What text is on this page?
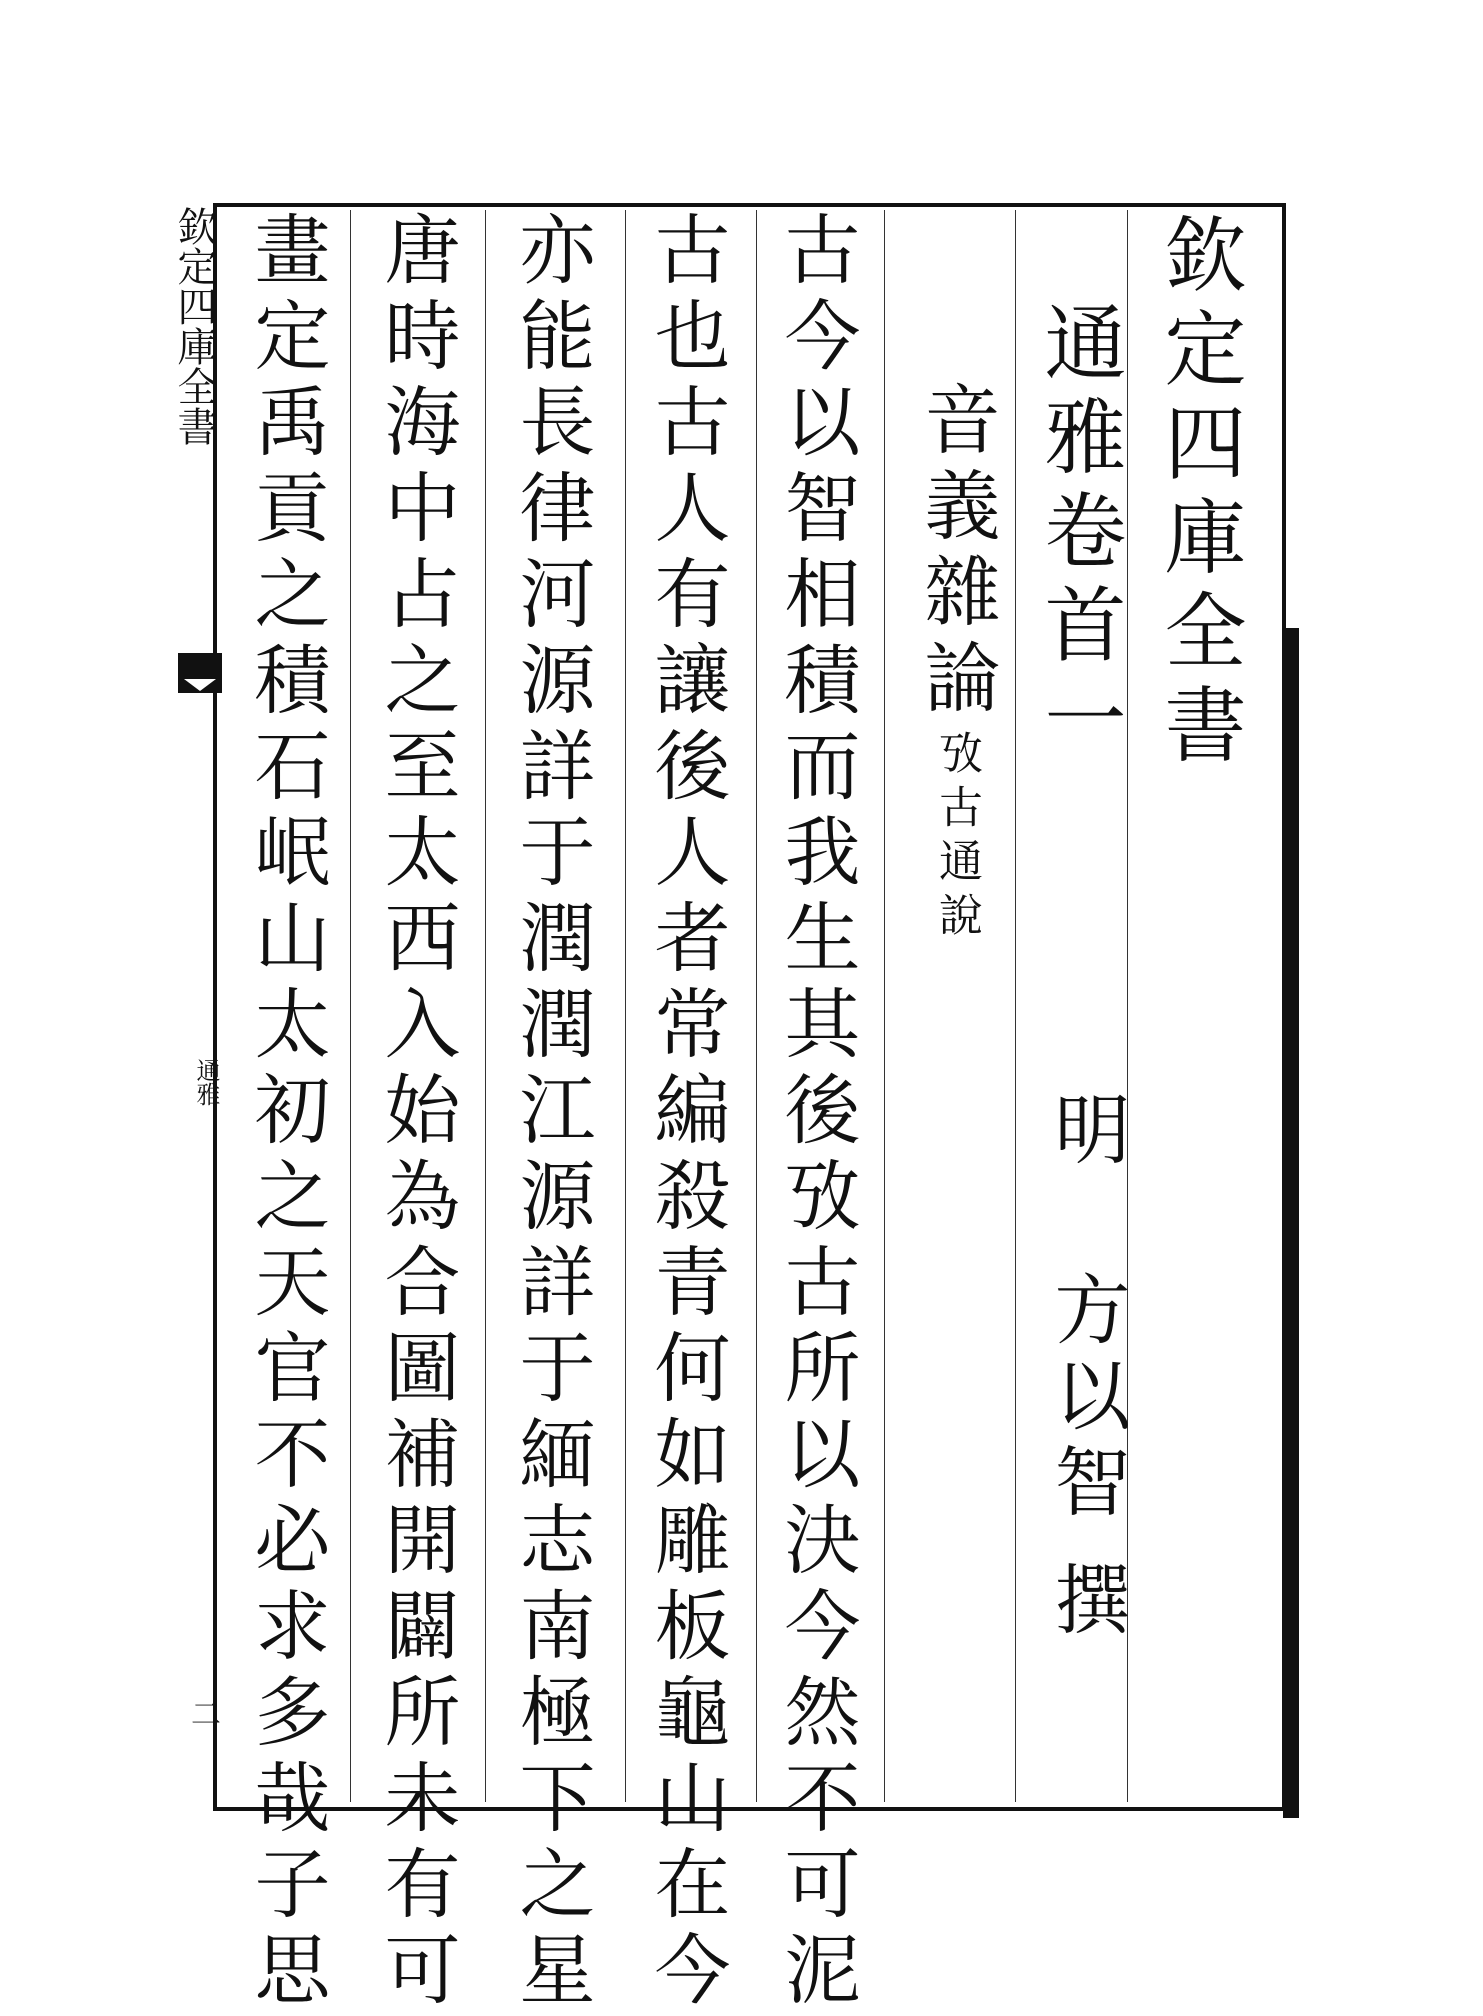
欽定四庫全書
通雅
二
欽定四庫全書
通雅卷首一
明
方以智
撰
音義雜論
攷古通說
古今以智相積而我生其後攷古所以決今然不可泥
古也古人有讓後人者常編殺青何如雕板龜山在今
亦能長律河源詳于潤潤江源詳于緬志南極下之星
唐時海中占之至太西入始為合圖補開闢所未有可
畫定禹貢之積石岷山太初之天官不必求多哉子思
